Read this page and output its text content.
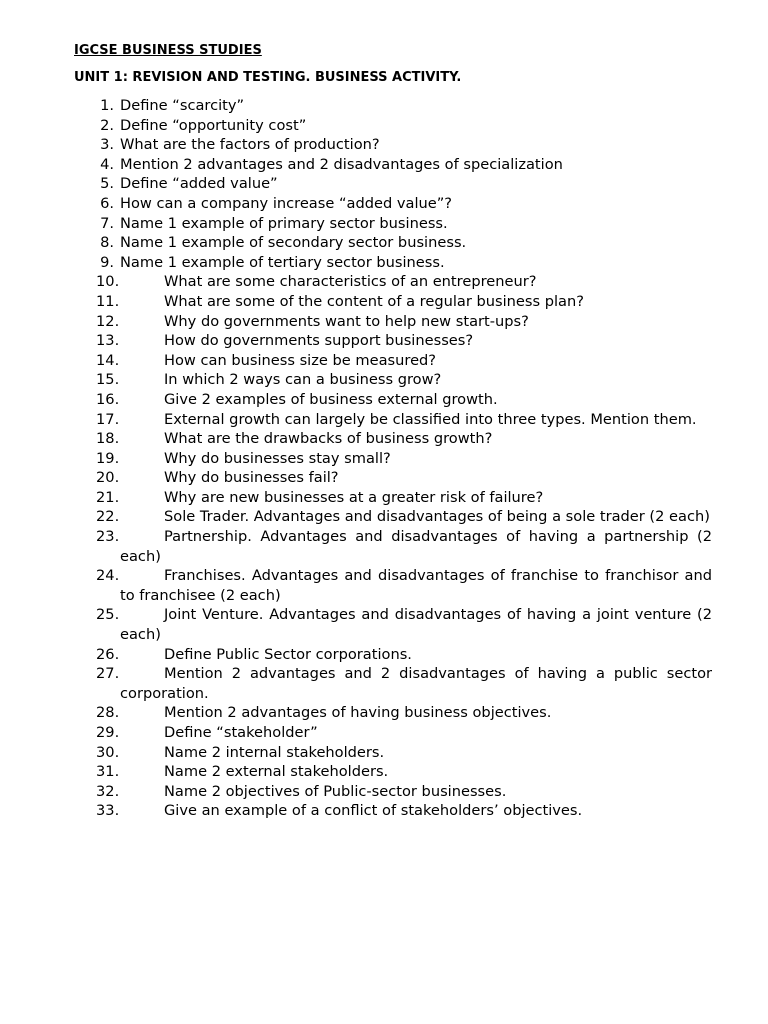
IGCSE BUSINESS STUDIES
UNIT 1: REVISION AND TESTING. BUSINESS ACTIVITY.
1. Define “scarcity”
2. Define “opportunity cost”
3. What are the factors of production?
4. Mention 2 advantages and 2 disadvantages of specialization
5. Define “added value”
6. How can a company increase “added value”?
7. Name 1 example of primary sector business.
8. Name 1 example of secondary sector business.
9. Name 1 example of tertiary sector business.
10.	What are some characteristics of an entrepreneur?
11.	What are some of the content of a regular business plan?
12.	Why do governments want to help new start-ups?
13.	How do governments support businesses?
14.	How can business size be measured?
15.	In which 2 ways can a business grow?
16.	Give 2 examples of business external growth.
17.	External growth can largely be classified into three types. Mention them.
18.	What are the drawbacks of business growth?
19.	Why do businesses stay small?
20.	Why do businesses fail?
21.	Why are new businesses at a greater risk of failure?
22.	Sole Trader. Advantages and disadvantages of being a sole trader (2 each)
23.	Partnership. Advantages and disadvantages of having a partnership (2 each)
24.	Franchises. Advantages and disadvantages of franchise to franchisor and to franchisee (2 each)
25.	Joint Venture. Advantages and disadvantages of having a joint venture (2 each)
26.	Define Public Sector corporations.
27.	Mention 2 advantages and 2 disadvantages of having a public sector corporation.
28.	Mention 2 advantages of having business objectives.
29.	Define “stakeholder”
30.	Name 2 internal stakeholders.
31.	Name 2 external stakeholders.
32.	Name 2 objectives of Public-sector businesses.
33.	Give an example of a conflict of stakeholders’ objectives.
